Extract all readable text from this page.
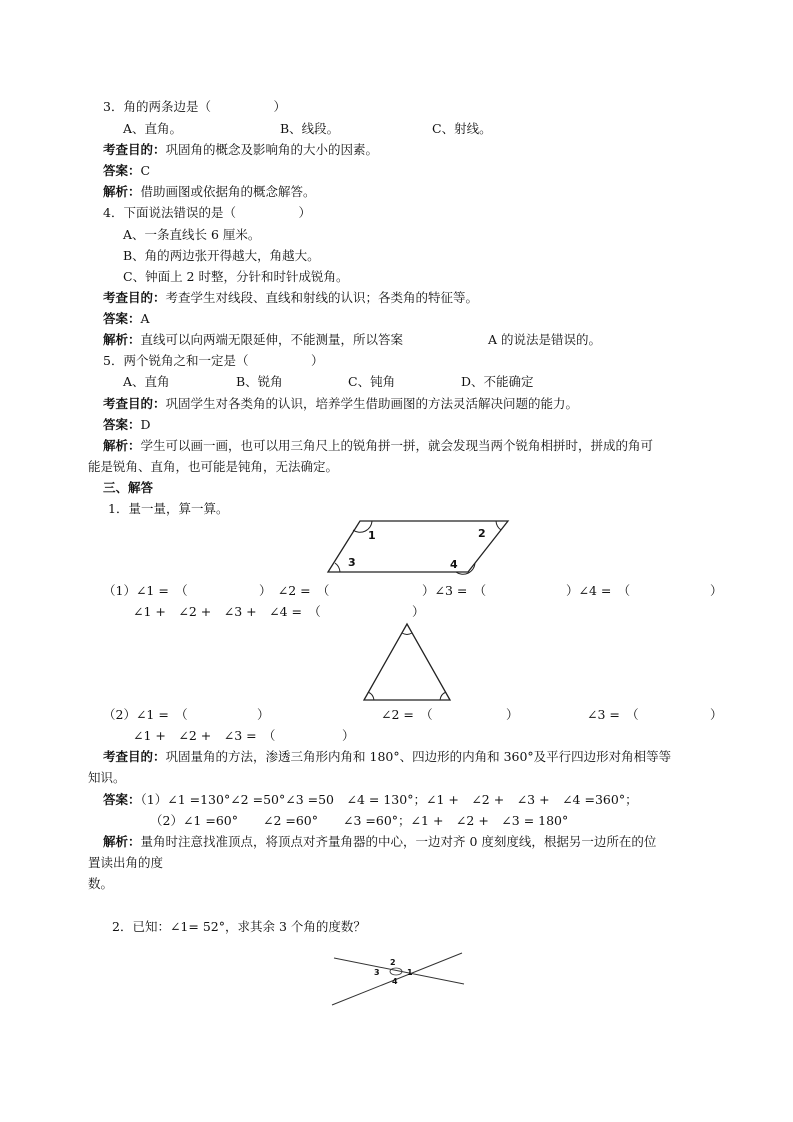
3．角的两条边是（　　　　　）
A、直角。	B、线段。	C、射线。
考查目的：巩固角的概念及影响角的大小的因素。
答案：C
解析：借助画图或依据角的概念解答。
4．下面说法错误的是（　　　　　）
A、一条直线长 6 厘米。
B、角的两边张开得越大，角越大。
C、钟面上 2 时整，分针和时针成锐角。
考查目的：考查学生对线段、直线和射线的认识；各类角的特征等。
答案：A
解析：直线可以向两端无限延伸，不能测量，所以答案	A 的说法是错误的。
5．两个锐角之和一定是（　　　　　）
A、直角	B、锐角	C、钝角	D、不能确定
考查目的：巩固学生对各类角的认识，培养学生借助画图的方法灵活解决问题的能力。
答案：D
解析：学生可以画一画，也可以用三角尺上的锐角拼一拼，就会发现当两个锐角相拼时，拼成的角可
能是锐角、直角，也可能是钝角，无法确定。
三、解答
1．量一量，算一算。
1	2
3	4
（1）∠1 =　（	）　∠2 =　（	）∠3 =　（	）∠4 =　（	）
∠1 +　∠2 +　∠3 +　∠4 =　（	）
（2）∠1 =　（	）	∠2 =　（	）	∠3 =　（	）
∠1 +　∠2 +　∠3 =　（	）
考查目的：巩固量角的方法，渗透三角形内角和 180°、四边形的内角和 360°及平行四边形对角相等等
知识。
答案：（1）∠1 =130°∠2 =50°∠3 =50　∠4 = 130°；∠1 +　∠2 +　∠3 +　∠4 =360°；
（2）∠1 =60°　　∠2 =60°　　∠3 =60°；∠1 +　∠2 +　∠3 = 180°
解析：量角时注意找准顶点，将顶点对齐量角器的中心，一边对齐 0 度刻度线，根据另一边所在的位
置读出角的度
数。
2．已知：∠1= 52°，求其余 3 个角的度数？
2
1
3
4
